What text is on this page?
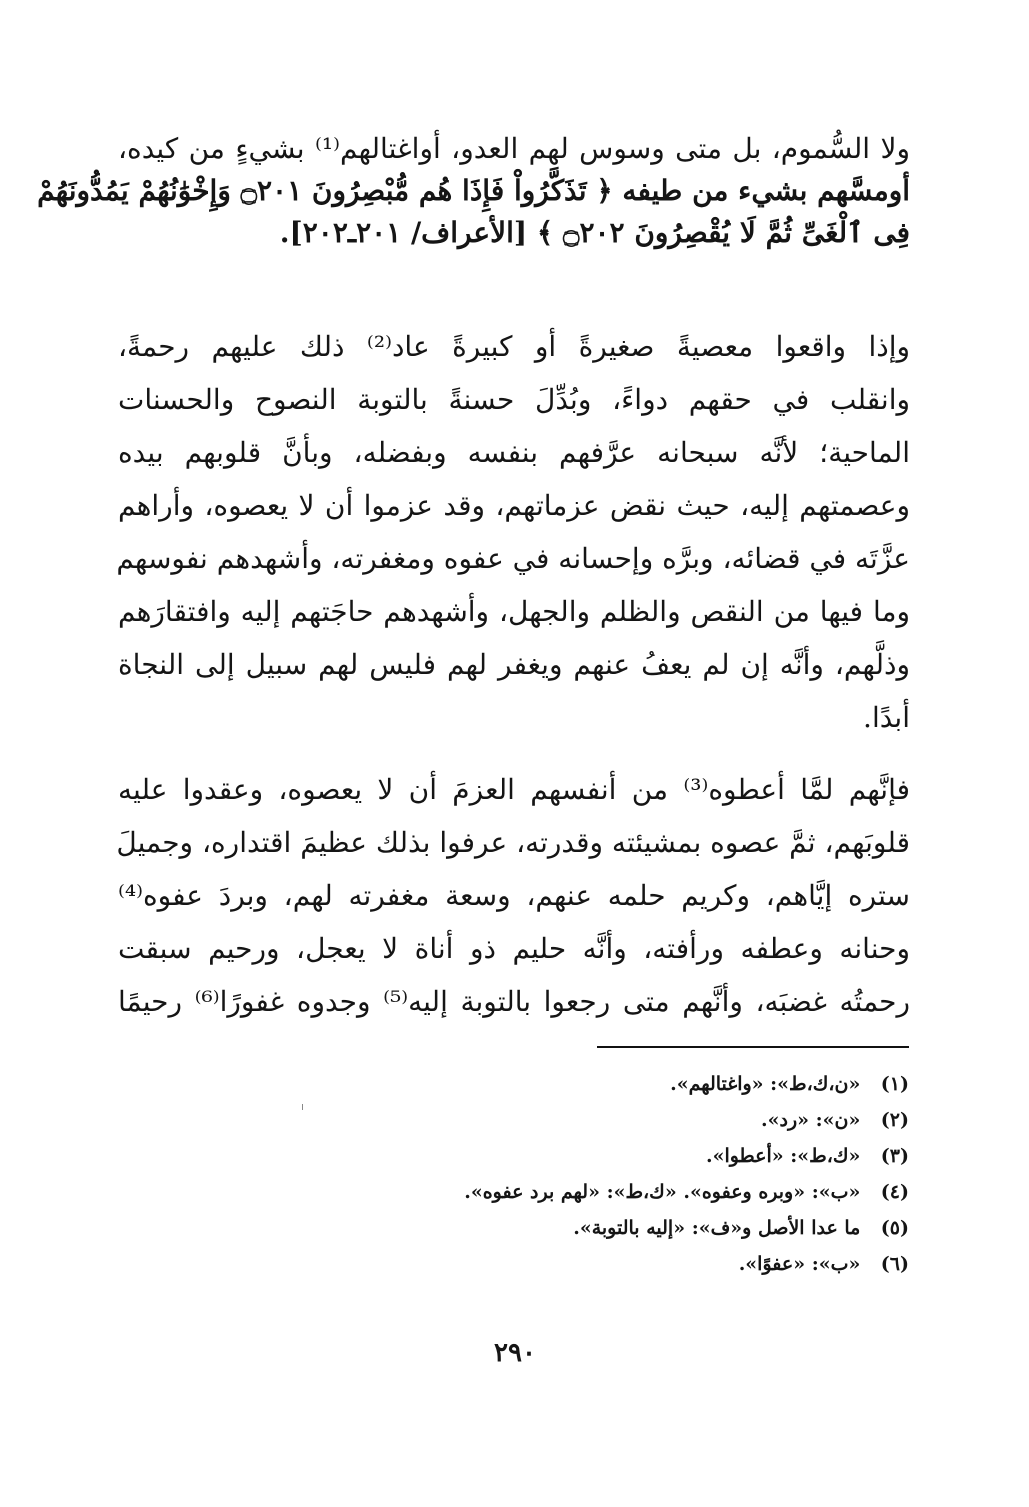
ولا السُّموم، بل متى وسوس لهم العدو، أواغتالهم⁽¹⁾ بشيءٍ من كيده،
أومسَّهم بشيء من طيفه ﴿ تَذَكَّرُواْ فَإِذَا هُم مُّبْصِرُونَ ۝٢٠١ وَإِخْوَٰنُهُمْ يَمُدُّونَهُمْ
فِى ٱلْغَىِّ ثُمَّ لَا يُقْصِرُونَ ۝٢٠٢ ﴾ [الأعراف/ ٢٠١ـ٢٠٢].
وإذا واقعوا معصيةً صغيرةً أو كبيرةً عاد⁽²⁾ ذلك عليهم رحمةً،
وانقلب في حقهم دواءً، وبُدِّلَ حسنةً بالتوبة النصوح والحسنات
الماحية؛ لأنَّه سبحانه عرَّفهم بنفسه وبفضله، وبأنَّ قلوبهم بيده
وعصمتهم إليه، حيث نقض عزماتهم، وقد عزموا أن لا يعصوه، وأراهم
عزَّتَه في قضائه، وبرَّه وإحسانه في عفوه ومغفرته، وأشهدهم نفوسهم
وما فيها من النقص والظلم والجهل، وأشهدهم حاجَتهم إليه وافتقارَهم
وذلَّهم، وأنَّه إن لم يعفُ عنهم ويغفر لهم فليس لهم سبيل إلى النجاة
أبدًا.
فإنَّهم لمَّا أعطوه⁽³⁾ من أنفسهم العزمَ أن لا يعصوه، وعقدوا عليه
قلوبَهم، ثمَّ عصوه بمشيئته وقدرته، عرفوا بذلك عظيمَ اقتداره، وجميلَ
ستره إيَّاهم، وكريم حلمه عنهم، وسعة مغفرته لهم، وبردَ عفوه⁽⁴⁾
وحنانه وعطفه ورأفته، وأنَّه حليم ذو أناة لا يعجل، ورحيم سبقت
رحمتُه غضبَه، وأنَّهم متى رجعوا بالتوبة إليه⁽⁵⁾ وجدوه غفورًا⁽⁶⁾ رحيمًا
(١) «ن،ك،ط»: «واغتالهم».
(٢) «ن»: «رد».
(٣) «ك،ط»: «أعطوا».
(٤) «ب»: «وبره وعفوه». «ك،ط»: «لهم برد عفوه».
(٥) ما عدا الأصل و«ف»: «إليه بالتوبة».
(٦) «ب»: «عفوًا».
٢٩٠
